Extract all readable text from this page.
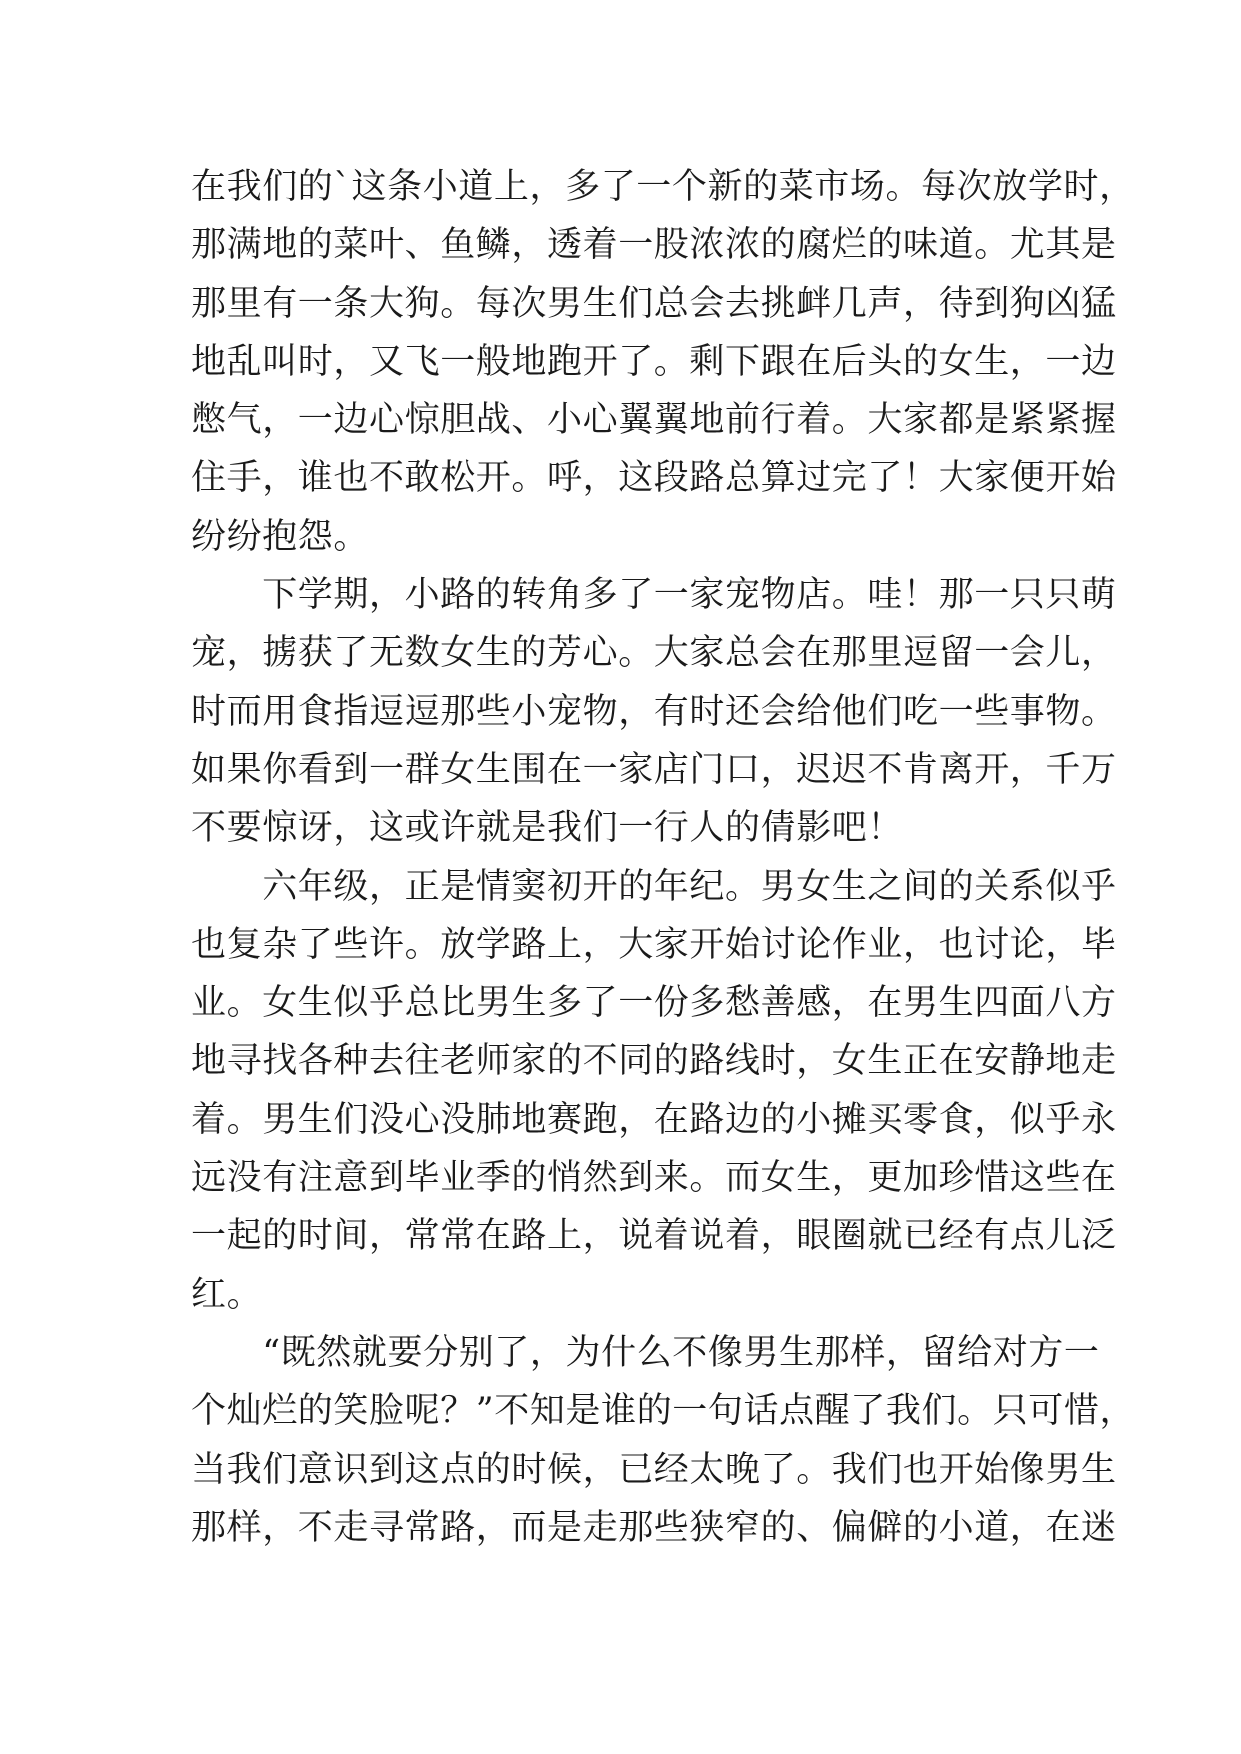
在我们的`这条小道上，多了一个新的菜市场。每次放学时，
那满地的菜叶、鱼鳞，透着一股浓浓的腐烂的味道。尤其是
那里有一条大狗。每次男生们总会去挑衅几声，待到狗凶猛
地乱叫时，又飞一般地跑开了。剩下跟在后头的女生，一边
憋气，一边心惊胆战、小心翼翼地前行着。大家都是紧紧握
住手，谁也不敢松开。呼，这段路总算过完了！大家便开始
纷纷抱怨。
　　下学期，小路的转角多了一家宠物店。哇！那一只只萌
宠，掳获了无数女生的芳心。大家总会在那里逗留一会儿，
时而用食指逗逗那些小宠物，有时还会给他们吃一些事物。
如果你看到一群女生围在一家店门口，迟迟不肯离开，千万
不要惊讶，这或许就是我们一行人的倩影吧！
　　六年级，正是情窦初开的年纪。男女生之间的关系似乎
也复杂了些许。放学路上，大家开始讨论作业，也讨论，毕
业。女生似乎总比男生多了一份多愁善感，在男生四面八方
地寻找各种去往老师家的不同的路线时，女生正在安静地走
着。男生们没心没肺地赛跑，在路边的小摊买零食，似乎永
远没有注意到毕业季的悄然到来。而女生，更加珍惜这些在
一起的时间，常常在路上，说着说着，眼圈就已经有点儿泛
红。
　　“既然就要分别了，为什么不像男生那样，留给对方一
个灿烂的笑脸呢？”不知是谁的一句话点醒了我们。只可惜，
当我们意识到这点的时候，已经太晚了。我们也开始像男生
那样，不走寻常路，而是走那些狭窄的、偏僻的小道，在迷
